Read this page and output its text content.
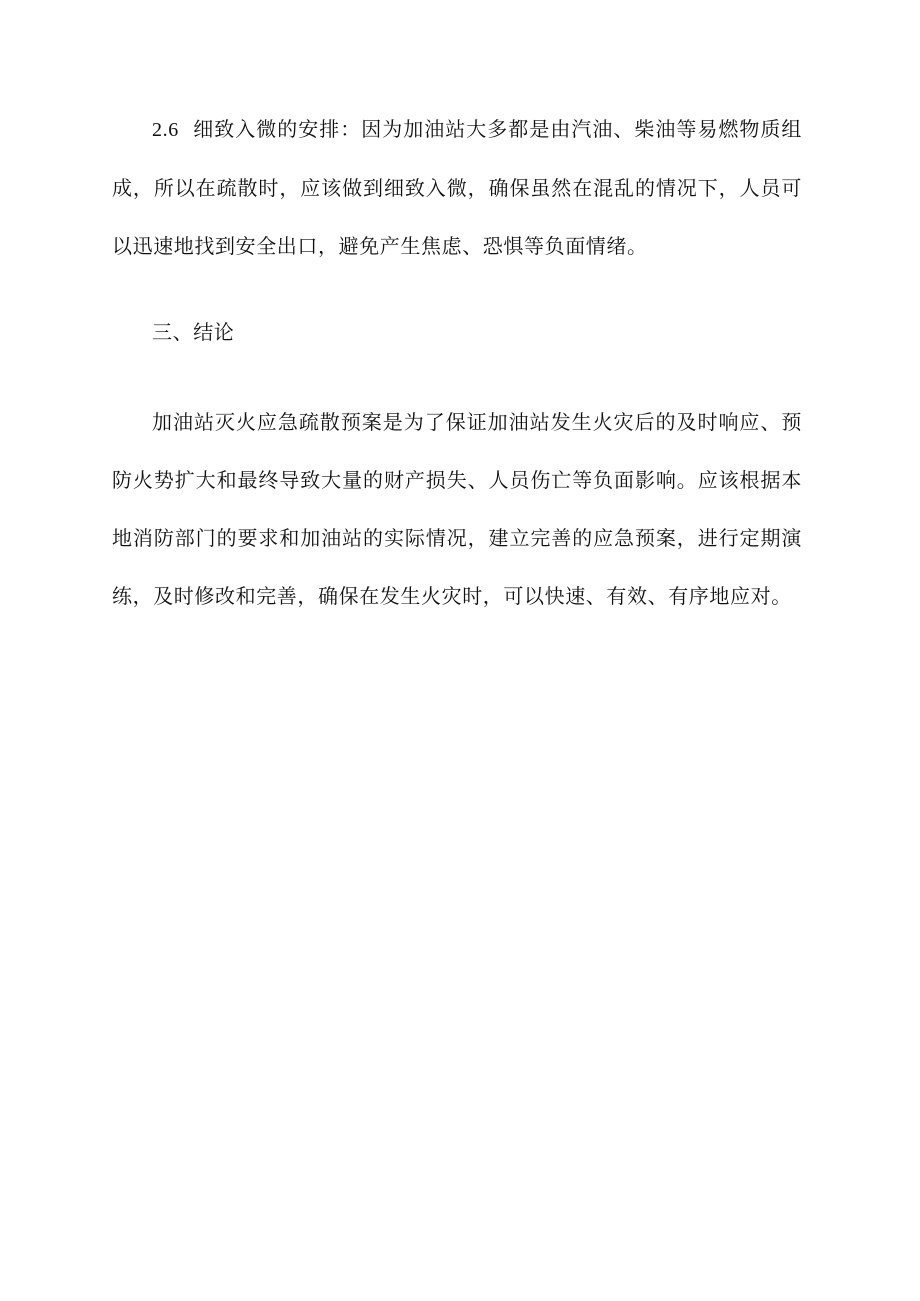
2.6 细致入微的安排：因为加油站大多都是由汽油、柴油等易燃物质组成，所以在疏散时，应该做到细致入微，确保虽然在混乱的情况下，人员可以迅速地找到安全出口，避免产生焦虑、恐惧等负面情绪。

三、结论

加油站灭火应急疏散预案是为了保证加油站发生火灾后的及时响应、预防火势扩大和最终导致大量的财产损失、人员伤亡等负面影响。应该根据本地消防部门的要求和加油站的实际情况，建立完善的应急预案，进行定期演练，及时修改和完善，确保在发生火灾时，可以快速、有效、有序地应对。
